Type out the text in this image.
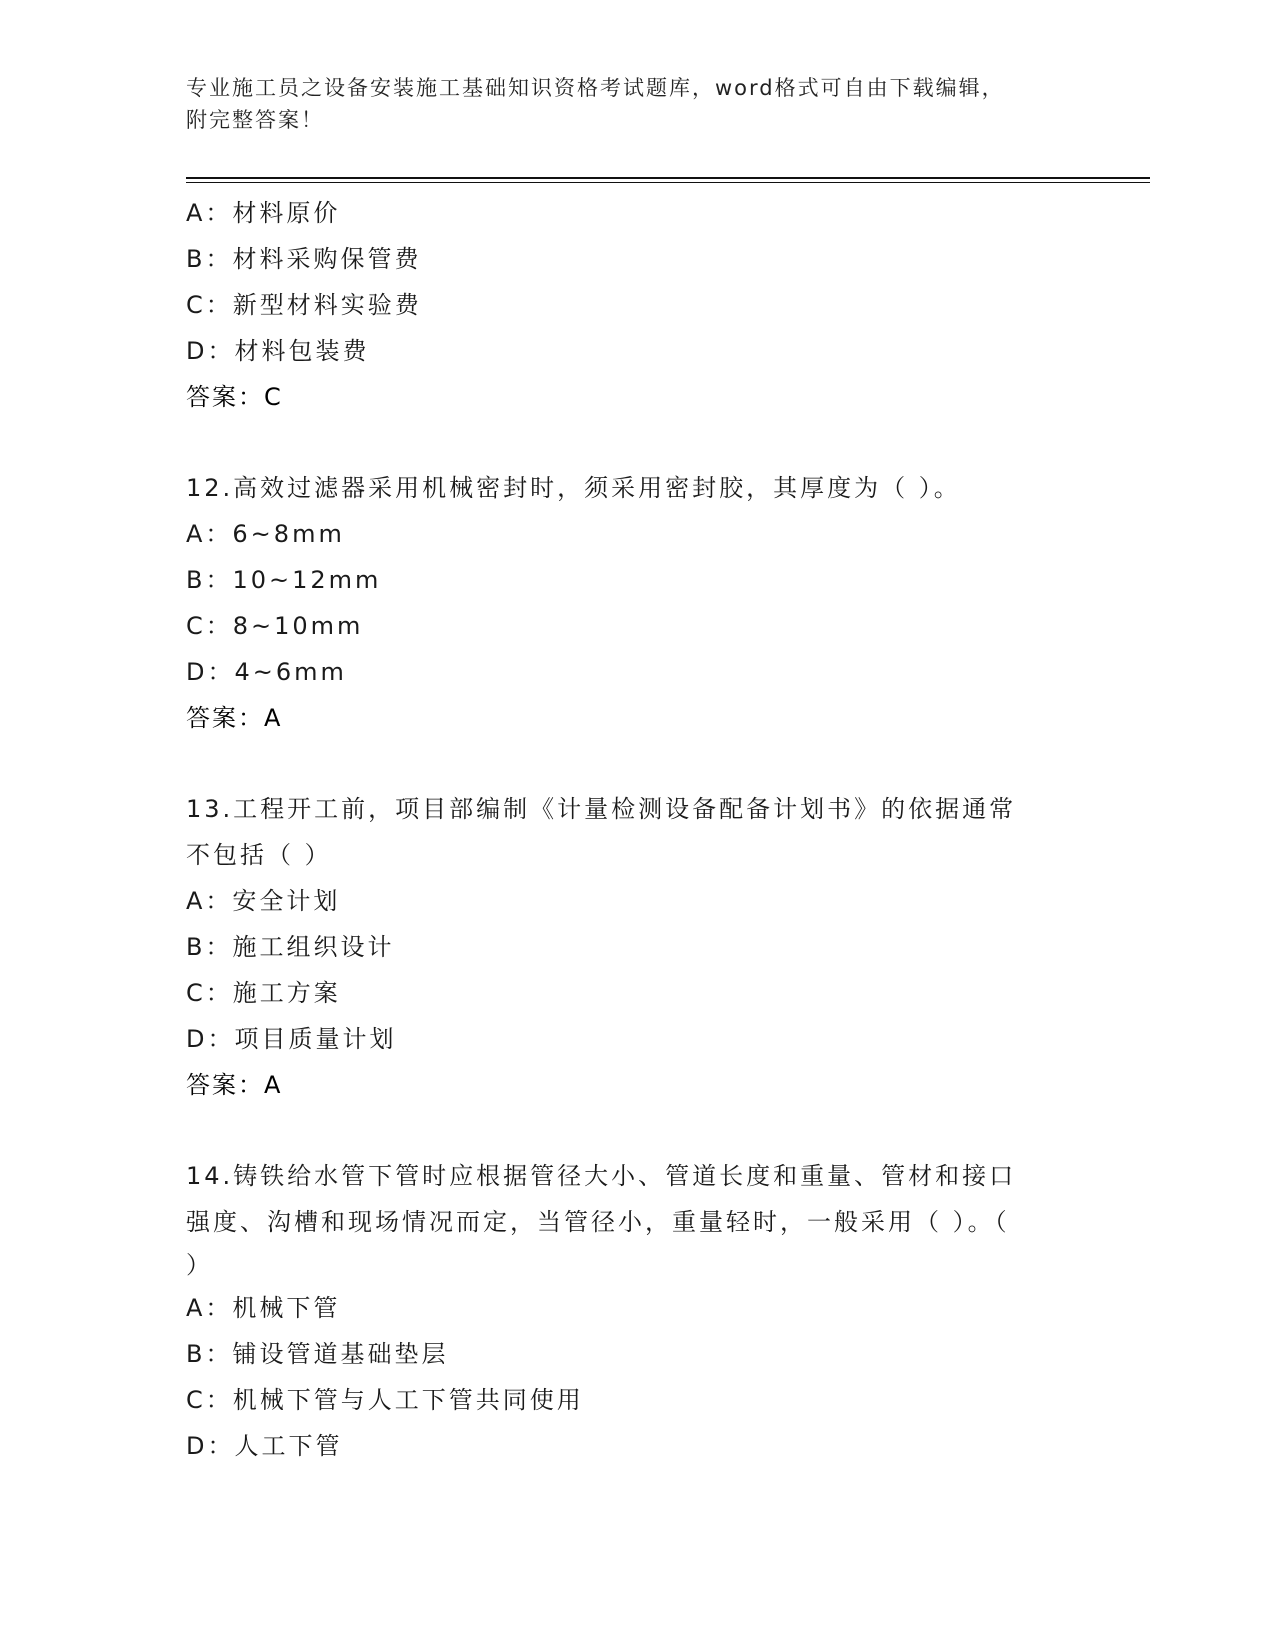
专业施工员之设备安装施工基础知识资格考试题库，word格式可自由下载编辑，
附完整答案！
A：材料原价
B：材料采购保管费
C：新型材料实验费
D：材料包装费
答案：C
12.高效过滤器采用机械密封时，须采用密封胶，其厚度为（ ）。
A：6~8mm
B：10~12mm
C：8~10mm
D：4~6mm
答案：A
13.工程开工前，项目部编制《计量检测设备配备计划书》的依据通常
不包括（ ）
A：安全计划
B：施工组织设计
C：施工方案
D：项目质量计划
答案：A
14.铸铁给水管下管时应根据管径大小、管道长度和重量、管材和接口
强度、沟槽和现场情况而定，当管径小，重量轻时，一般采用（ ）。（
）
A：机械下管
B：铺设管道基础垫层
C：机械下管与人工下管共同使用
D：人工下管
